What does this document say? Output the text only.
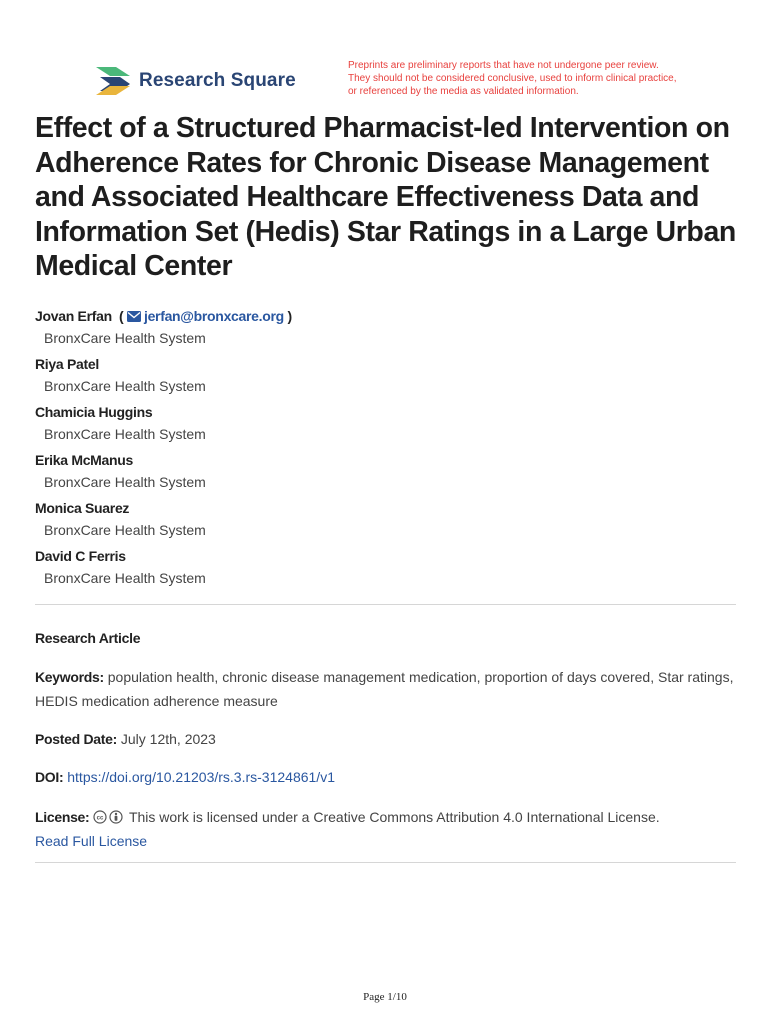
Research Square
Preprints are preliminary reports that have not undergone peer review.
They should not be considered conclusive, used to inform clinical practice,
or referenced by the media as validated information.
Effect of a Structured Pharmacist-led Intervention on Adherence Rates for Chronic Disease Management and Associated Healthcare Effectiveness Data and Information Set (Hedis) Star Ratings in a Large Urban Medical Center
Jovan Erfan  ( jerfan@bronxcare.org )
BronxCare Health System
Riya Patel
BronxCare Health System
Chamicia Huggins
BronxCare Health System
Erika McManus
BronxCare Health System
Monica Suarez
BronxCare Health System
David C Ferris
BronxCare Health System
Research Article
Keywords: population health, chronic disease management medication, proportion of days covered, Star ratings, HEDIS medication adherence measure
Posted Date: July 12th, 2023
DOI: https://doi.org/10.21203/rs.3.rs-3124861/v1
License: cc This work is licensed under a Creative Commons Attribution 4.0 International License.
Read Full License
Page 1/10
